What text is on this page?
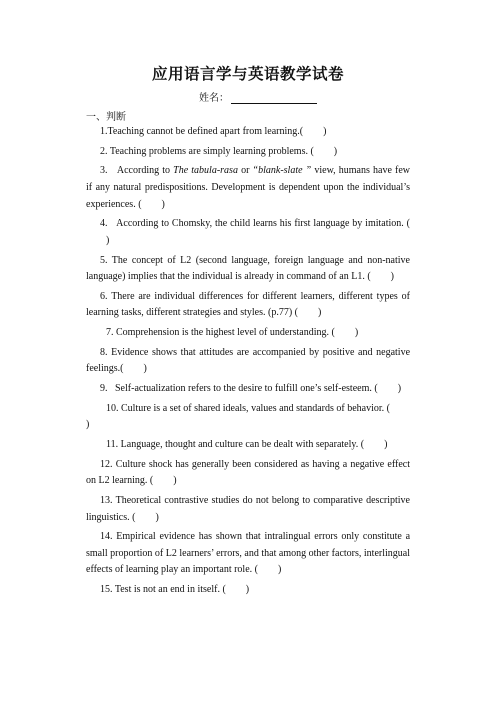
应用语言学与英语教学试卷
姓名：
一、判断

1.Teaching cannot be defined apart from learning.( )

2. Teaching problems are simply learning problems. ( )

3. According to The tabula-rasa or “blank-slate ” view, humans have few if any natural predispositions. Development is dependent upon the individual’s experiences. ( )

4. According to Chomsky, the child learns his first language by imitation. ()

5. The concept of L2 (second language, foreign language and non-native language) implies that the individual is already in command of an L1. ( )

6. There are individual differences for different learners, different types of learning tasks, different strategies and styles. (p.77) ( )

7. Comprehension is the highest level of understanding. ( )

8. Evidence shows that attitudes are accompanied by positive and negative feelings.( )

9. Self-actualization refers to the desire to fulfill one’s self-esteem. ( )

10. Culture is a set of shared ideals, values and standards of behavior. ()

11. Language, thought and culture can be dealt with separately. ( )

12. Culture shock has generally been considered as having a negative effect on L2 learning. ( )

13. Theoretical contrastive studies do not belong to comparative descriptive linguistics. ( )

14. Empirical evidence has shown that intralingual errors only constitute a small proportion of L2 learners’ errors, and that among other factors, interlingual effects of learning play an important role. ( )

15. Test is not an end in itself. ( )
